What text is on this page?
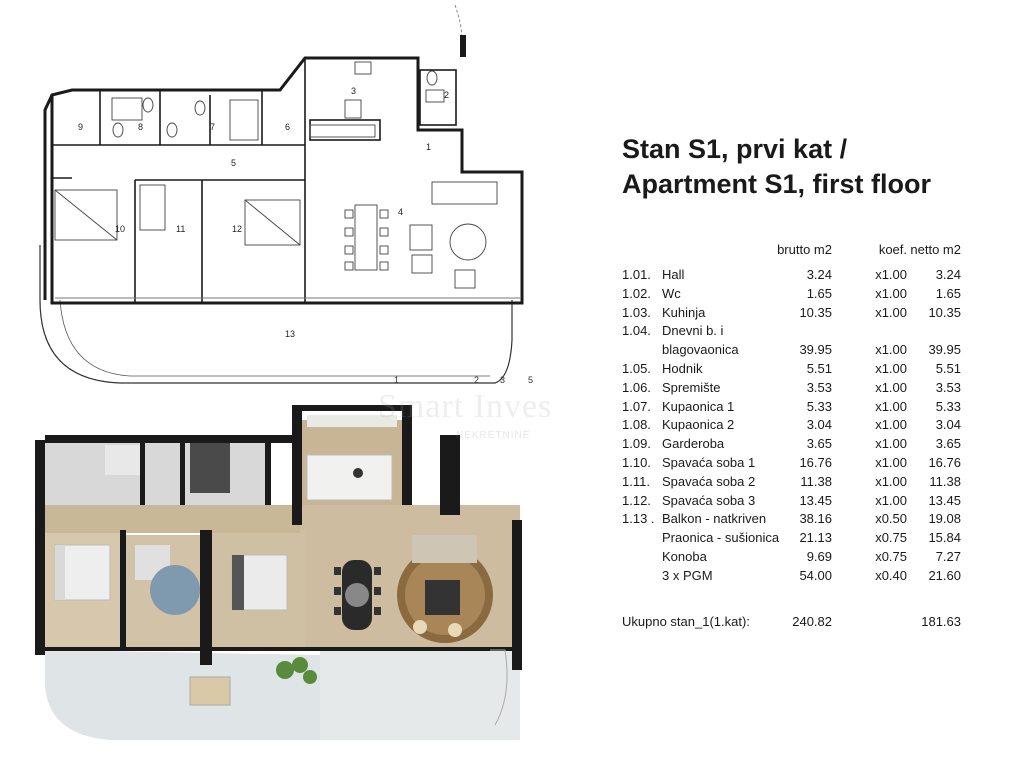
1
2
3
4
5
6
7
8
9
10	11	12
13
1	2 3	5
Smart Inves
NEKRETNINE
Stan S1, prvi kat /
Apartment S1, first floor
brutto m2	koef. netto m2
1.01. Hall	3.24	x1.00 3.24
1.02. Wc	1.65	x1.00 1.65
1.03. Kuhinja	10.35	x1.00 10.35
1.04. Dnevni b. i
blagovaonica	39.95	x1.00 39.95
1.05. Hodnik	5.51	x1.00 5.51
1.06. Spremište	3.53	x1.00 3.53
1.07. Kupaonica 1	5.33	x1.00 5.33
1.08. Kupaonica 2	3.04	x1.00 3.04
1.09. Garderoba	3.65	x1.00 3.65
1.10. Spavaća soba 1	16.76	x1.00 16.76
1.11. Spavaća soba 2	11.38	x1.00 11.38
1.12. Spavaća soba 3	13.45	x1.00 13.45
1.13 . Balkon - natkriven	38.16	x0.50 19.08
Praonica - sušionica 21.13	x0.75 15.84
Konoba	9.69	x0.75 7.27
3 x PGM	54.00	x0.40 21.60
Ukupno stan_1(1.kat):	240.82	181.63
